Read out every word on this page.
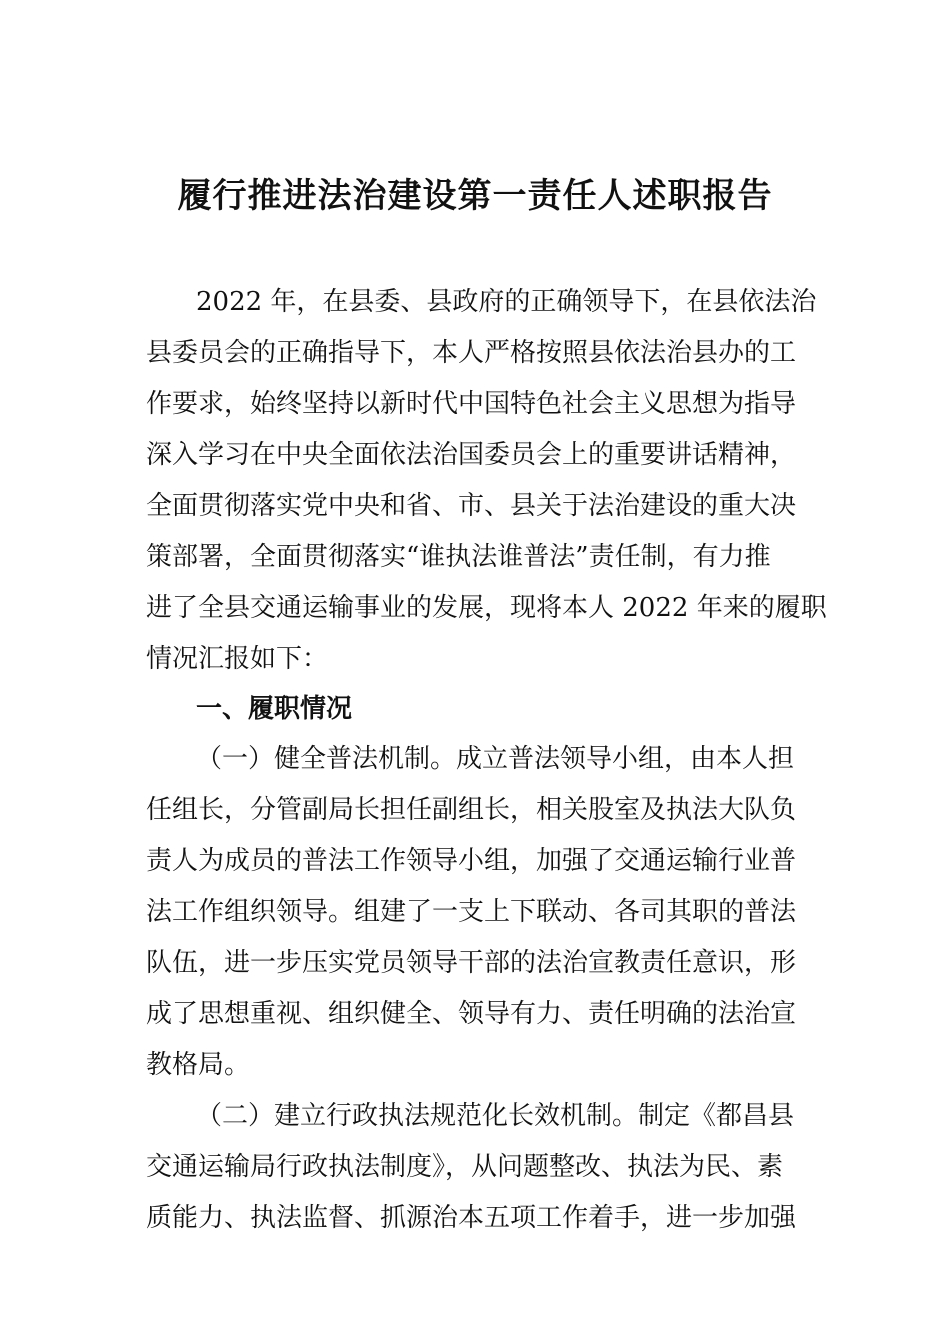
履行推进法治建设第一责任人述职报告
2022 年，在县委、县政府的正确领导下，在县依法治
县委员会的正确指导下，本人严格按照县依法治县办的工
作要求，始终坚持以新时代中国特色社会主义思想为指导
深入学习在中央全面依法治国委员会上的重要讲话精神，
全面贯彻落实党中央和省、市、县关于法治建设的重大决
策部署，全面贯彻落实“谁执法谁普法”责任制，有力推
进了全县交通运输事业的发展，现将本人 2022 年来的履职
情况汇报如下：
一、履职情况
（一）健全普法机制。成立普法领导小组，由本人担
任组长，分管副局长担任副组长，相关股室及执法大队负
责人为成员的普法工作领导小组，加强了交通运输行业普
法工作组织领导。组建了一支上下联动、各司其职的普法
队伍，进一步压实党员领导干部的法治宣教责任意识，形
成了思想重视、组织健全、领导有力、责任明确的法治宣
教格局。
（二）建立行政执法规范化长效机制。制定《都昌县
交通运输局行政执法制度》，从问题整改、执法为民、素
质能力、执法监督、抓源治本五项工作着手，进一步加强
